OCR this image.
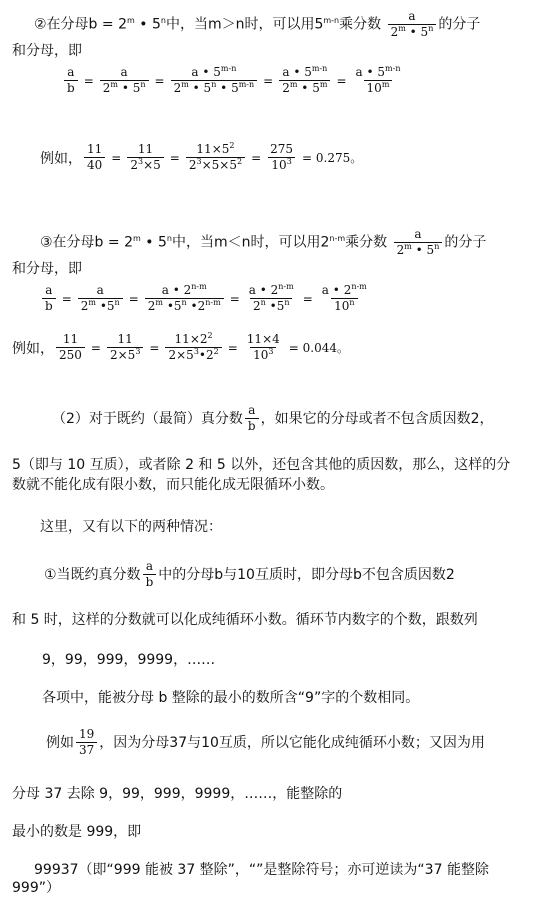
②在分母$b = 2^m$ • 5$^n$中，当m＞n时，可以用5$^{m-n}$乘分数 $\frac{a}{2^m • 5^n}$ 的分子
和分母，即
$\frac{a}{b} = \frac{a}{2^m • 5^n} = \frac{a • 5^{m-n}}{2^m • 5^n • 5^{m-n}} = \frac{a • 5^{m-n}}{2^m • 5^m} = \frac{a • 5^{m-n}}{10^m}$
例如， $\frac{11}{40} = \frac{11}{2^3\times 5} = \frac{11\times 5^2}{2^3\times 5\times 5^2} = \frac{275}{10^3} = 0.275$。
③在分母$b = 2^m$ • 5$^n$中，当m＜n时，可以用2$^{n-m}$乘分数 $\frac{a}{2^m • 5^n}$ 的分子
和分母，即
$\frac{a}{b} = \frac{a}{2^m •5^n} = \frac{a • 2^{n-m}}{2^m •5^n •2^{n-m}} = \frac{a • 2^{n-m}}{2^n •5^n} = \frac{a • 2^{n-m}}{10^n}$
例如， $\frac{11}{250} = \frac{11}{2\times 5^3} = \frac{11\times 2^2}{2\times 5^3•2^2} = \frac{11\times 4}{10^3} = 0.044$。
（2）对于既约（最简）真分数 $\frac{a}{b}$ ，如果它的分母或者不包含质因数2，
5（即与 10 互质），或者除 2 和 5 以外，还包含其他的质因数，那么，这样的分
数就不能化成有限小数，而只能化成无限循环小数。
这里，又有以下的两种情况：
①当既约真分数 $\frac{a}{b}$ 中的分母b与10互质时，即分母b不包含质因数2
和 5 时，这样的分数就可以化成纯循环小数。循环节内数字的个数，跟数列
9，99，999，9999，……
各项中，能被分母 b 整除的最小的数所含“9”字的个数相同。
例如 $\frac{19}{37}$ ，因为分母37与10互质，所以它能化成纯循环小数；又因为用
分母 37 去除 9，99，999，9999，……，能整除的
最小的数是 999，即
99937（即“999 能被 37 整除”，“”是整除符号；亦可逆读为“37 能整除
999”）
